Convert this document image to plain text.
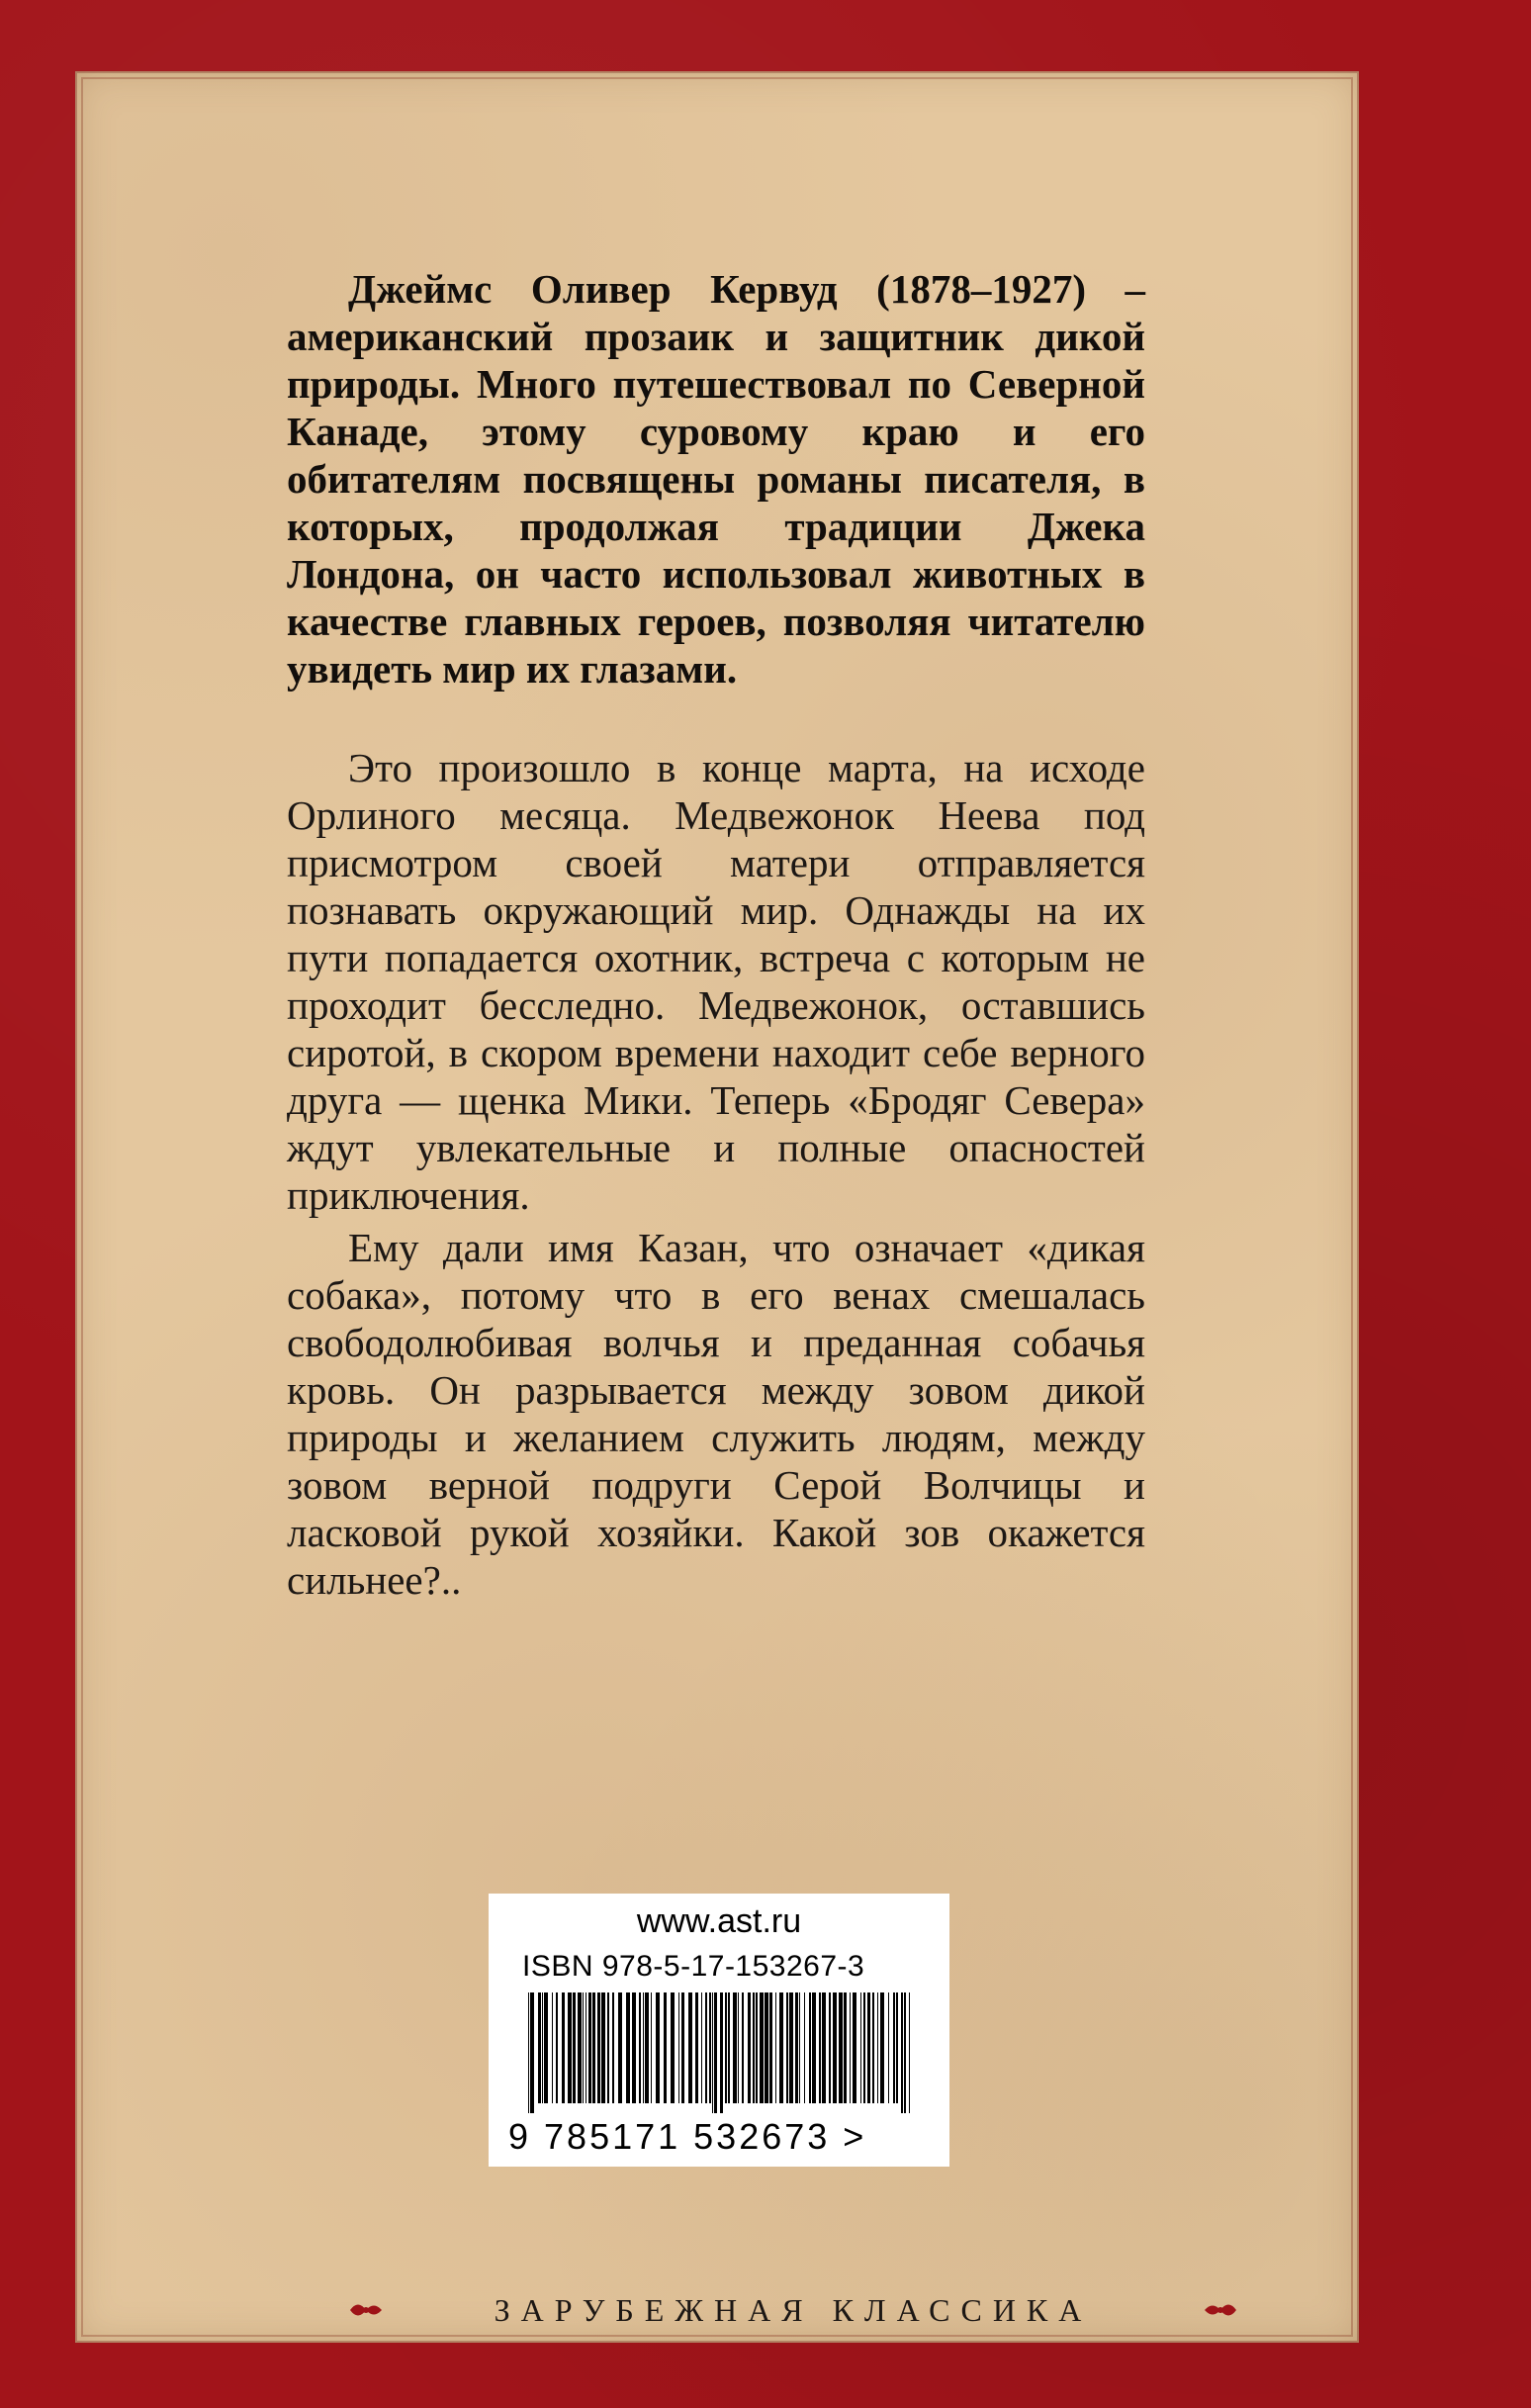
Джеймс Оливер Кервуд (1878–1927) – американский прозаик и защитник дикой природы. Много путешествовал по Северной Канаде, этому суровому краю и его обитателям посвящены романы писателя, в которых, продолжая традиции Джека Лондона, он часто использовал животных в качестве главных героев, позволяя читателю увидеть мир их глазами.

Это произошло в конце марта, на исходе Орлиного месяца. Медвежонок Неева под присмотром своей матери отправляется познавать окружающий мир. Однажды на их пути попадается охотник, встреча с которым не проходит бесследно. Медвежонок, оставшись сиротой, в скором времени находит себе верного друга — щенка Мики. Теперь «Бродяг Севера» ждут увлекательные и полные опасностей приключения.

Ему дали имя Казан, что означает «дикая собака», потому что в его венах смешалась свободолюбивая волчья и преданная собачья кровь. Он разрывается между зовом дикой природы и желанием служить людям, между зовом верной подруги Серой Волчицы и ласковой рукой хозяйки. Какой зов окажется сильнее?..

www.ast.ru
ISBN 978-5-17-153267-3
9 785171 532673 >
ЗАРУБЕЖНАЯ КЛАССИКА
